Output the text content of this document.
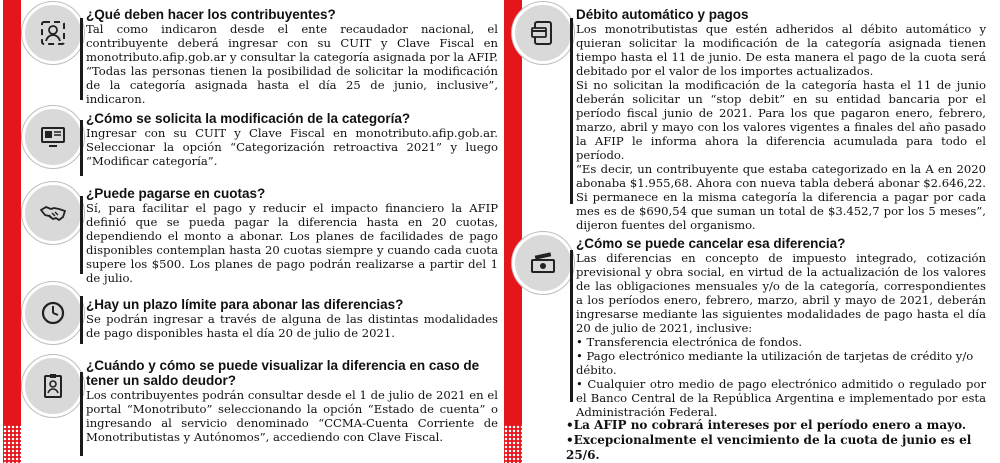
¿Qué deben hacer los contribuyentes?
Tal como indicaron desde el ente recaudador nacional, el contribuyente deberá ingresar con su CUIT y Clave Fiscal en monotributo.afip.gob.ar y consultar la categoría asignada por la AFIP. “Todas las personas tienen la posibilidad de solicitar la modificación de la categoría asignada hasta el día 25 de junio, inclusive”, indicaron.
¿Cómo se solicita la modificación de la categoría?
Ingresar con su CUIT y Clave Fiscal en monotributo.afip.gob.ar. Seleccionar la opción “Categorización retroactiva 2021” y luego “Modificar categoría”.
¿Puede pagarse en cuotas?
Sí, para facilitar el pago y reducir el impacto financiero la AFIP definió que se pueda pagar la diferencia hasta en 20 cuotas, dependiendo el monto a abonar. Los planes de facilidades de pago disponibles contemplan hasta 20 cuotas siempre y cuando cada cuota supere los $500. Los planes de pago podrán realizarse a partir del 1 de julio.
¿Hay un plazo límite para abonar las diferencias?
Se podrán ingresar a través de alguna de las distintas modalidades de pago disponibles hasta el día 20 de julio de 2021.
¿Cuándo y cómo se puede visualizar la diferencia en caso de tener un saldo deudor?
Los contribuyentes podrán consultar desde el 1 de julio de 2021 en el portal “Monotributo” seleccionando la opción “Estado de cuenta” o ingresando al servicio denominado “CCMA-Cuenta Corriente de Monotributistas y Autónomos”, accediendo con Clave Fiscal.
Débito automático y pagos
Los monotributistas que estén adheridos al débito automático y quieran solicitar la modificación de la categoría asignada tienen tiempo hasta el 11 de junio. De esta manera el pago de la cuota será debitado por el valor de los importes actualizados.
Si no solicitan la modificación de la categoría hasta el 11 de junio deberán solicitar un “stop debit” en su entidad bancaria por el período fiscal junio de 2021. Para los que pagaron enero, febrero, marzo, abril y mayo con los valores vigentes a finales del año pasado la AFIP le informa ahora la diferencia acumulada para todo el período.
“Es decir, un contribuyente que estaba categorizado en la A en 2020 abonaba $1.955,68. Ahora con nueva tabla deberá abonar $2.646,22. Si permanece en la misma categoría la diferencia a pagar por cada mes es de $690,54 que suman un total de $3.452,7 por los 5 meses”, dijeron fuentes del organismo.
¿Cómo se puede cancelar esa diferencia?
Las diferencias en concepto de impuesto integrado, cotización previsional y obra social, en virtud de la actualización de los valores de las obligaciones mensuales y/o de la categoría, correspondientes a los períodos enero, febrero, marzo, abril y mayo de 2021, deberán ingresarse mediante las siguientes modalidades de pago hasta el día 20 de julio de 2021, inclusive:
• Transferencia electrónica de fondos.
• Pago electrónico mediante la utilización de tarjetas de crédito y/o débito.
• Cualquier otro medio de pago electrónico admitido o regulado por el Banco Central de la República Argentina e implementado por esta Administración Federal.
•La AFIP no cobrará intereses por el período enero a mayo.
•Excepcionalmente el vencimiento de la cuota de junio es el 25/6.
